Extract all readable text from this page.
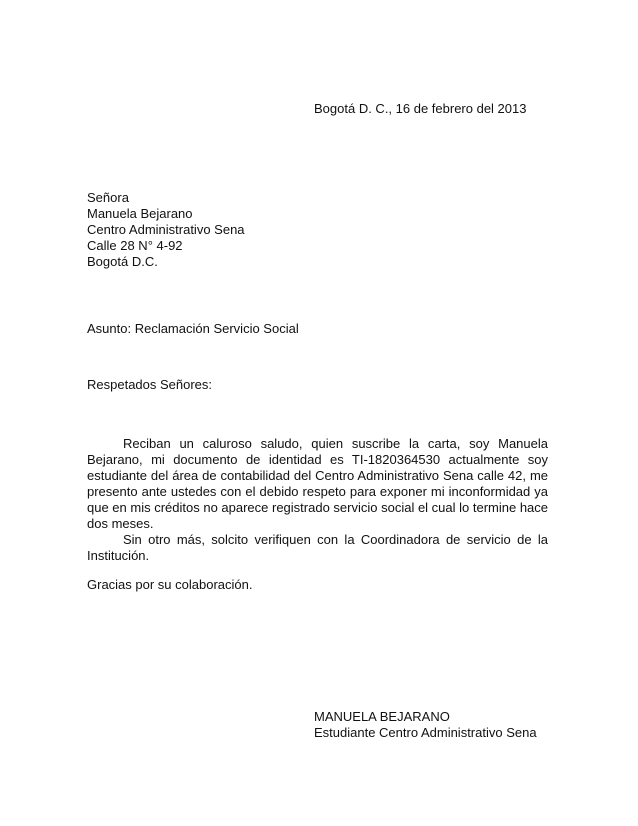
Bogotá D. C., 16 de febrero del 2013
Señora
Manuela Bejarano
Centro Administrativo Sena
Calle 28 N° 4-92
Bogotá D.C.
Asunto: Reclamación Servicio Social
Respetados Señores:

Reciban un caluroso saludo, quien suscribe la carta, soy Manuela Bejarano, mi documento de identidad es TI-1820364530 actualmente soy estudiante del área de contabilidad del Centro Administrativo Sena calle 42, me presento ante ustedes con el debido respeto para exponer mi inconformidad ya que en mis créditos no aparece registrado servicio social el cual lo termine hace dos meses.

Sin otro más, solcito verifiquen con la Coordinadora de servicio de la Institución.

Gracias por su colaboración.
MANUELA BEJARANO
Estudiante Centro Administrativo Sena
